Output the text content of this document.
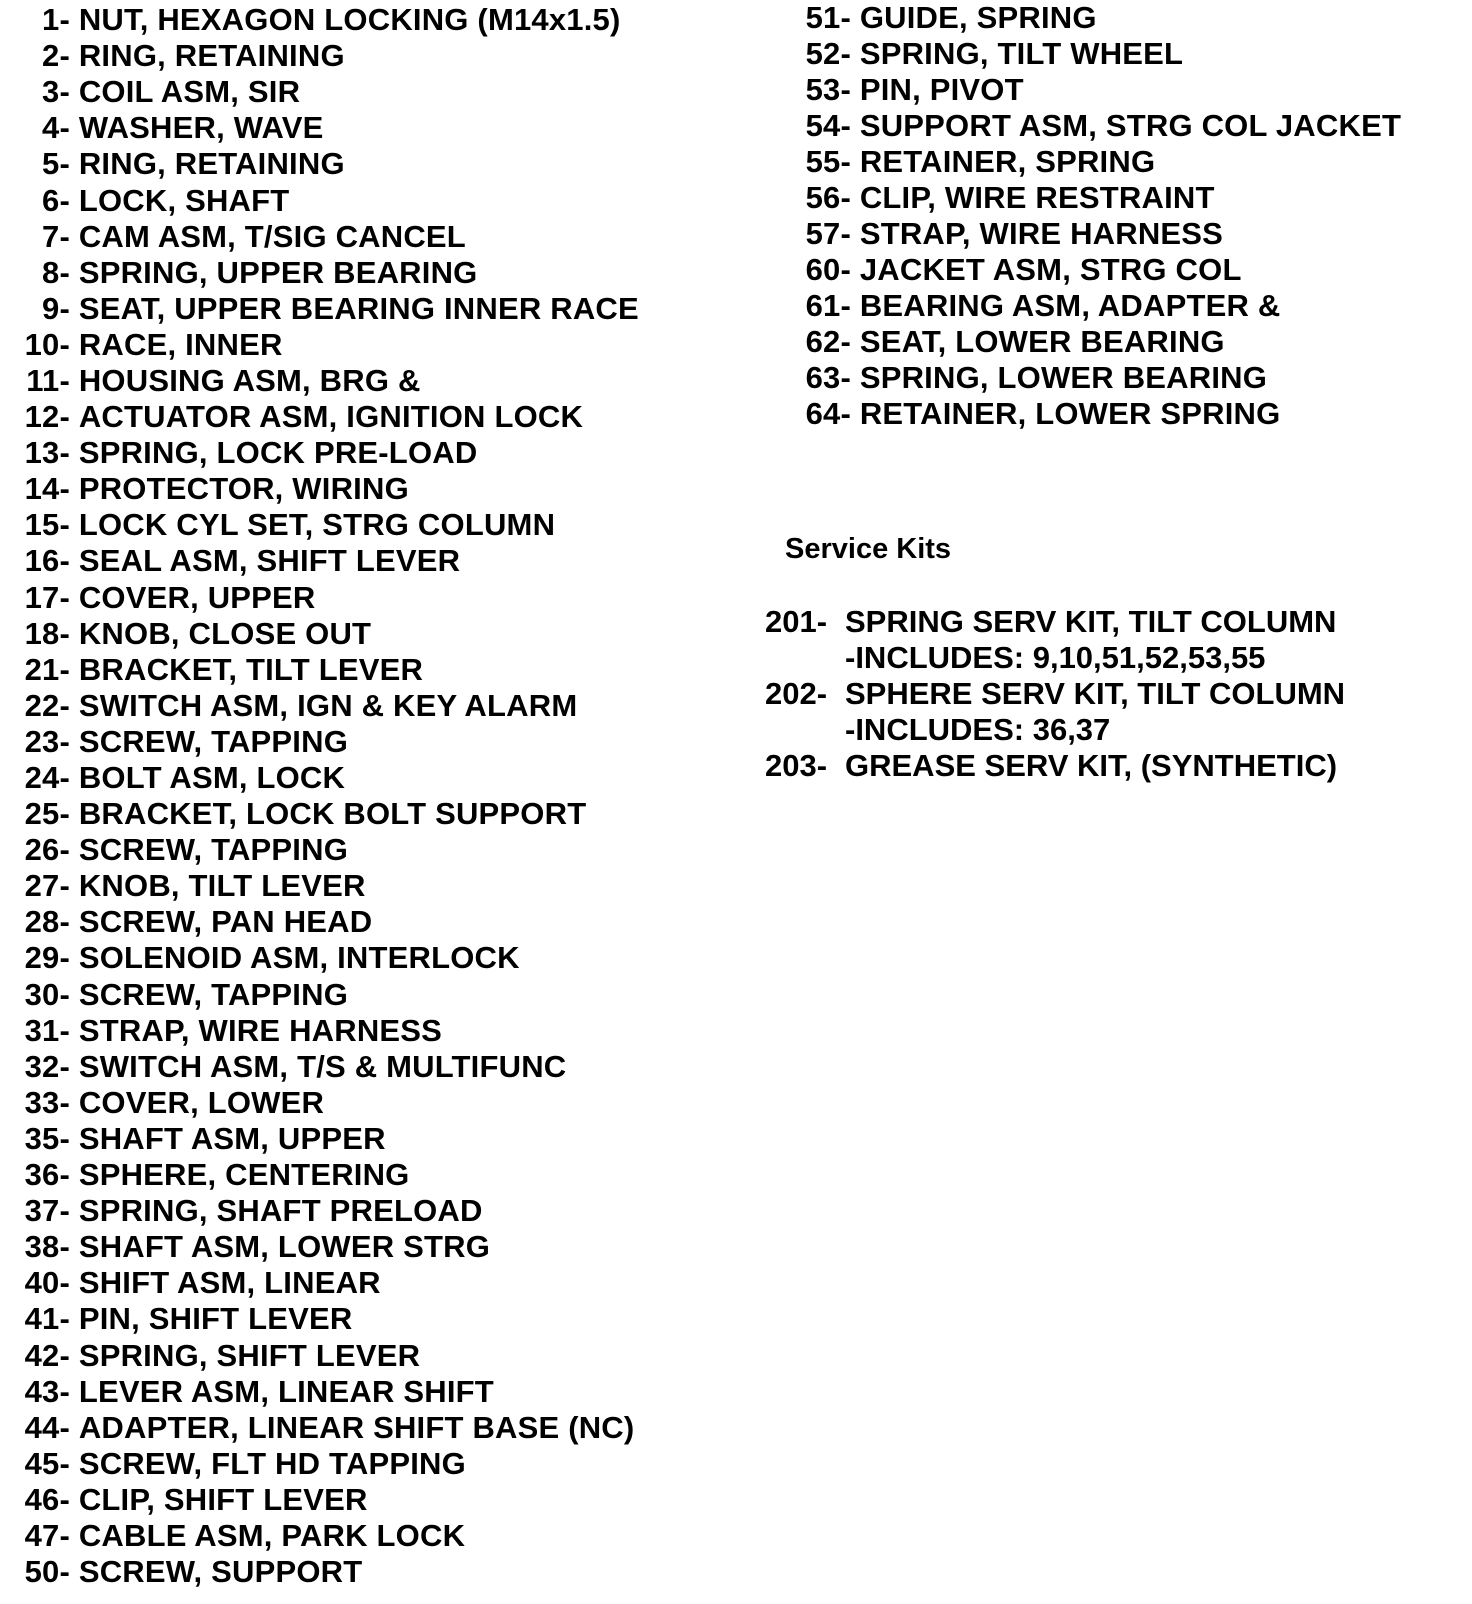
1-
NUT, HEXAGON LOCKING (M14x1.5)
2-
RING, RETAINING
3-
COIL ASM, SIR
4-
WASHER, WAVE
5-
RING, RETAINING
6-
LOCK, SHAFT
7-
CAM ASM, T/SIG CANCEL
8-
SPRING, UPPER BEARING
9-
SEAT, UPPER BEARING INNER RACE
10-
RACE, INNER
11-
HOUSING ASM, BRG &
12-
ACTUATOR ASM, IGNITION LOCK
13-
SPRING, LOCK PRE-LOAD
14-
PROTECTOR, WIRING
15-
LOCK CYL SET, STRG COLUMN
16-
SEAL ASM, SHIFT LEVER
17-
COVER, UPPER
18-
KNOB, CLOSE OUT
21-
BRACKET, TILT LEVER
22-
SWITCH ASM, IGN & KEY ALARM
23-
SCREW, TAPPING
24-
BOLT ASM, LOCK
25-
BRACKET, LOCK BOLT SUPPORT
26-
SCREW, TAPPING
27-
KNOB, TILT LEVER
28-
SCREW, PAN HEAD
29-
SOLENOID ASM, INTERLOCK
30-
SCREW, TAPPING
31-
STRAP, WIRE HARNESS
32-
SWITCH ASM, T/S & MULTIFUNC
33-
COVER, LOWER
35-
SHAFT ASM, UPPER
36-
SPHERE, CENTERING
37-
SPRING, SHAFT PRELOAD
38-
SHAFT ASM, LOWER STRG
40-
SHIFT ASM, LINEAR
41-
PIN, SHIFT LEVER
42-
SPRING, SHIFT LEVER
43-
LEVER ASM, LINEAR SHIFT
44-
ADAPTER, LINEAR SHIFT BASE (NC)
45-
SCREW, FLT HD TAPPING
46-
CLIP, SHIFT LEVER
47-
CABLE ASM, PARK LOCK
50-
SCREW, SUPPORT
51-
GUIDE, SPRING
52-
SPRING, TILT WHEEL
53-
PIN, PIVOT
54-
SUPPORT ASM, STRG COL JACKET
55-
RETAINER, SPRING
56-
CLIP, WIRE RESTRAINT
57-
STRAP, WIRE HARNESS
60-
JACKET ASM, STRG COL
61-
BEARING ASM, ADAPTER &
62-
SEAT, LOWER BEARING
63-
SPRING, LOWER BEARING
64-
RETAINER, LOWER SPRING
Service Kits
201- SPRING SERV KIT, TILT COLUMN
-INCLUDES: 9,10,51,52,53,55
202- SPHERE SERV KIT, TILT COLUMN
-INCLUDES: 36,37
203- GREASE SERV KIT, (SYNTHETIC)
